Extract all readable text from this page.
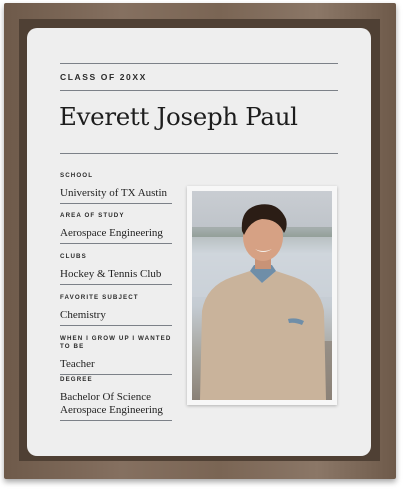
CLASS OF 20XX
Everett Joseph Paul
SCHOOL
University of TX Austin
AREA OF STUDY
Aerospace Engineering
CLUBS
Hockey & Tennis Club
FAVORITE SUBJECT
Chemistry
WHEN I GROW UP I WANTED TO BE
Teacher
DEGREE
Bachelor Of Science Aerospace Engineering
